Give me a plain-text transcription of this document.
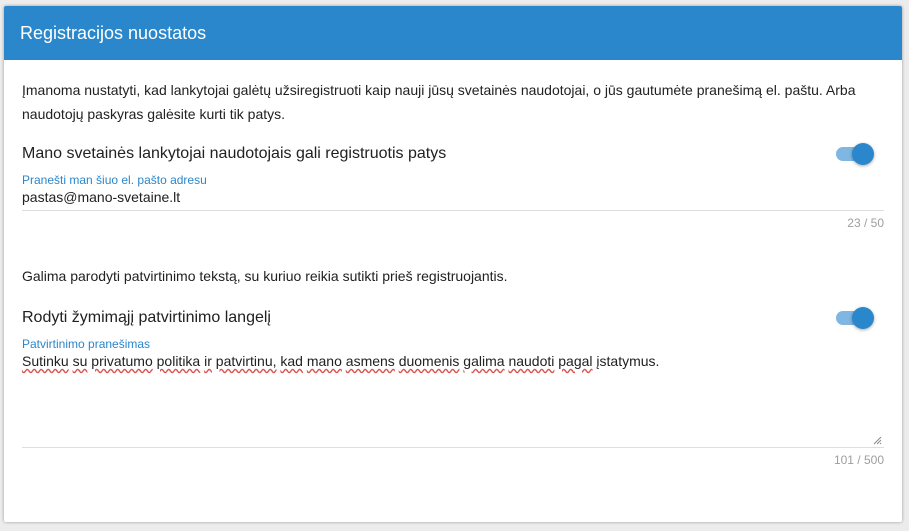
Registracijos nuostatos
Įmanoma nustatyti, kad lankytojai galėtų užsiregistruoti kaip nauji jūsų svetainės naudotojai, o jūs gautumėte pranešimą el. paštu. Arba naudotojų paskyras galėsite kurti tik patys.
Mano svetainės lankytojai naudotojais gali registruotis patys
Pranešti man šiuo el. pašto adresu
pastas@mano-svetaine.lt
23 / 50
Galima parodyti patvirtinimo tekstą, su kuriuo reikia sutikti prieš registruojantis.
Rodyti žymimąjį patvirtinimo langelį
Patvirtinimo pranešimas
Sutinku su privatumo politika ir patvirtinu, kad mano asmens duomenis galima naudoti pagal įstatymus.
101 / 500
